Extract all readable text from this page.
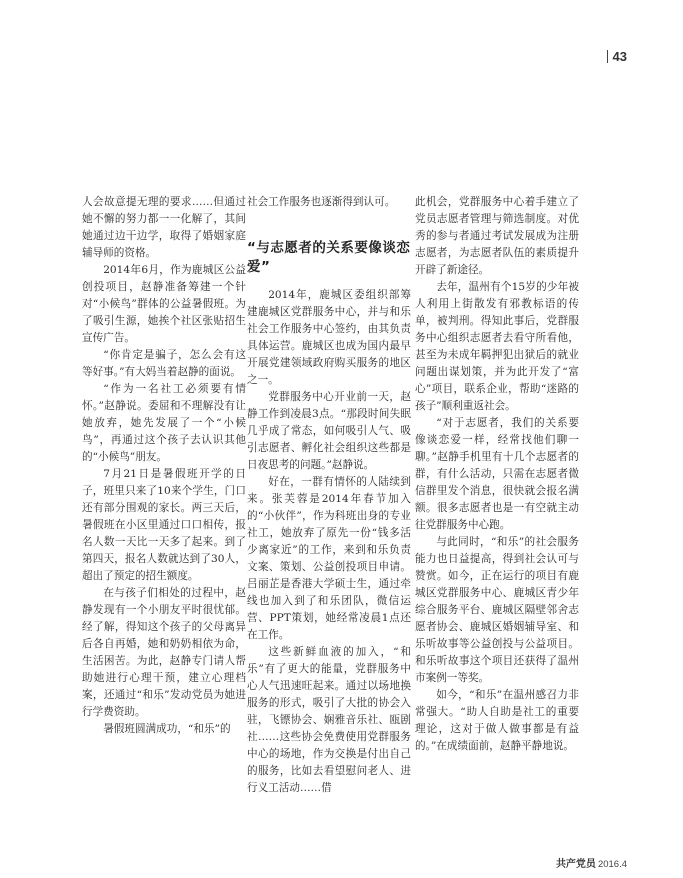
43

人会故意提无理的要求……但通过她不懈的努力都一一化解了，其间她通过边干边学，取得了婚姻家庭辅导师的资格。

2014年6月，作为鹿城区公益创投项目，赵静准备筹建一个针对“小候鸟”群体的公益暑假班。为了吸引生源，她挨个社区张贴招生宣传广告。

“你肯定是骗子，怎么会有这等好事。”有大妈当着赵静的面说。

“作为一名社工必须要有情怀。”赵静说。委屈和不理解没有让她放弃，她先发展了一个“小候鸟”，再通过这个孩子去认识其他的“小候鸟”朋友。

7月21日是暑假班开学的日子，班里只来了10来个学生，门口还有部分围观的家长。两三天后，暑假班在小区里通过口口相传，报名人数一天比一天多了起来。到了第四天，报名人数就达到了30人，超出了预定的招生额度。

在与孩子们相处的过程中，赵静发现有一个小朋友平时很忧郁。经了解，得知这个孩子的父母离异后各自再婚，她和奶奶相依为命，生活困苦。为此，赵静专门请人帮助她进行心理干预，建立心理档案，还通过“和乐”发动党员为她进行学费资助。

暑假班圆满成功，“和乐”的

社会工作服务也逐渐得到认可。

“与志愿者的关系要像谈恋爱”

2014年，鹿城区委组织部筹建鹿城区党群服务中心，并与和乐社会工作服务中心签约，由其负责具体运营。鹿城区也成为国内最早开展党建领域政府购买服务的地区之一。

党群服务中心开业前一天，赵静工作到凌晨3点。“那段时间失眠几乎成了常态，如何吸引人气、吸引志愿者、孵化社会组织这些都是日夜思考的问题。”赵静说。

好在，一群有情怀的人陆续到来。张芙蓉是2014年春节加入的“小伙伴”，作为科班出身的专业社工，她放弃了原先一份“钱多活少离家近”的工作，来到和乐负责文案、策划、公益创投项目申请。吕丽芷是香港大学硕士生，通过牵线也加入到了和乐团队，微信运营、PPT策划，她经常凌晨1点还在工作。

这些新鲜血液的加入，“和乐”有了更大的能量，党群服务中心人气迅速旺起来。通过以场地换服务的形式，吸引了大批的协会入驻，飞镖协会、娴雅音乐社、瓯剧社……这些协会免费使用党群服务中心的场地，作为交换是付出自己的服务，比如去看望慰问老人、进行义工活动……借

此机会，党群服务中心着手建立了党员志愿者管理与筛选制度。对优秀的参与者通过考试发展成为注册志愿者，为志愿者队伍的素质提升开辟了新途径。

去年，温州有个15岁的少年被人利用上街散发有邪教标语的传单，被判刑。得知此事后，党群服务中心组织志愿者去看守所看他，甚至为未成年羁押犯出狱后的就业问题出谋划策，并为此开发了“富心”项目，联系企业，帮助“迷路的孩子”顺利重返社会。

“对于志愿者，我们的关系要像谈恋爱一样，经常找他们聊一聊。”赵静手机里有十几个志愿者的群，有什么活动，只需在志愿者微信群里发个消息，很快就会报名满额。很多志愿者也是一有空就主动往党群服务中心跑。

与此同时，“和乐”的社会服务能力也日益提高，得到社会认可与赞赏。如今，正在运行的项目有鹿城区党群服务中心、鹿城区青少年综合服务平台、鹿城区隔壁邻舍志愿者协会、鹿城区婚姻辅导室、和乐听故事等公益创投与公益项目。和乐听故事这个项目还获得了温州市案例一等奖。

如今，“和乐”在温州感召力非常强大。“助人自助是社工的重要理论，这对于做人做事都是有益的。”在成绩面前，赵静平静地说。

共产党员 2016.4
